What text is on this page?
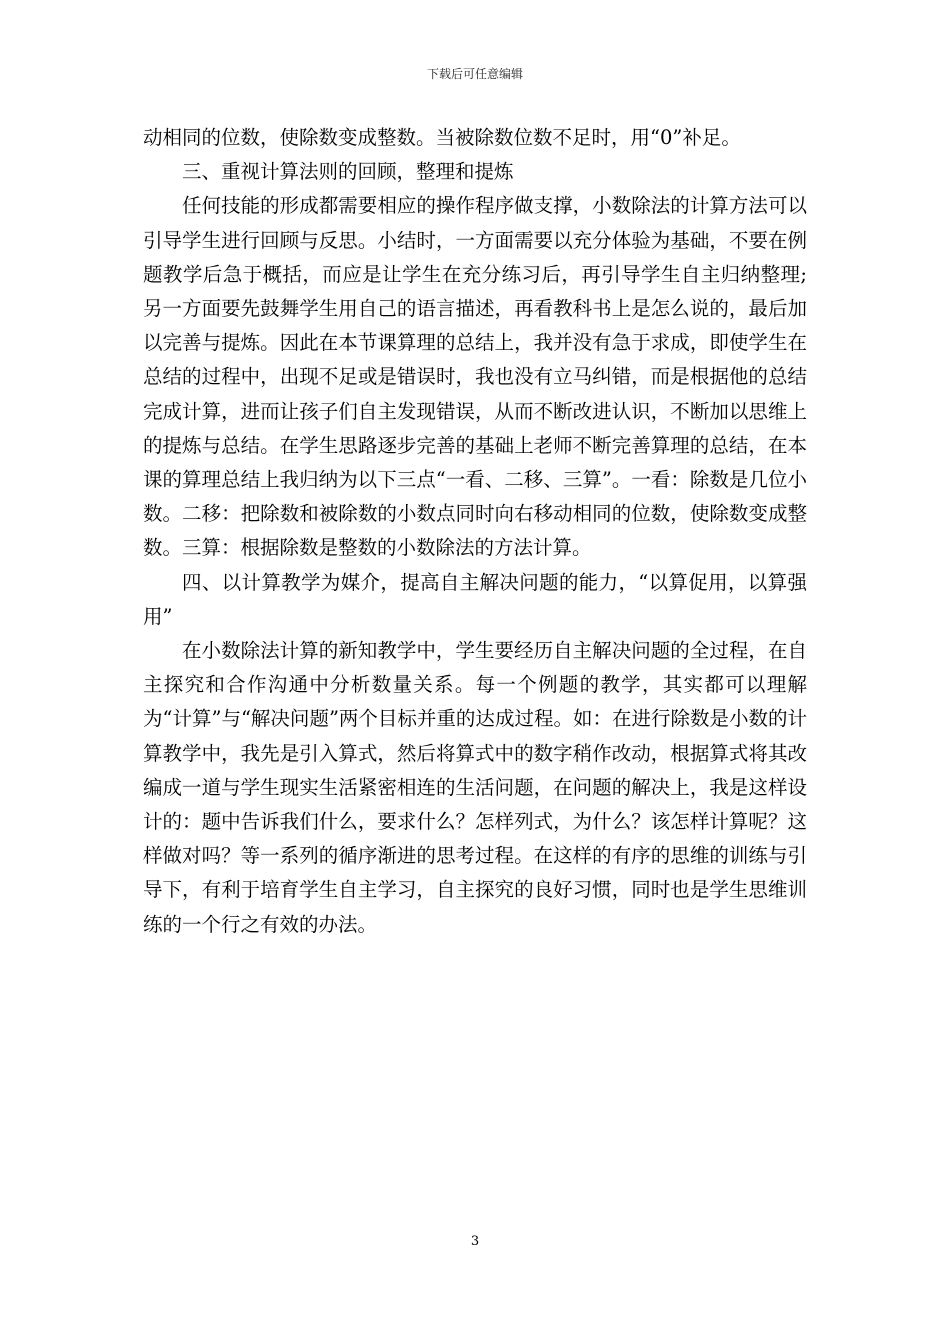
下载后可任意编辑

动相同的位数，使除数变成整数。当被除数位数不足时，用“0”补足。

三、重视计算法则的回顾，整理和提炼

任何技能的形成都需要相应的操作程序做支撑，小数除法的计算方法可以引导学生进行回顾与反思。小结时，一方面需要以充分体验为基础，不要在例题教学后急于概括，而应是让学生在充分练习后，再引导学生自主归纳整理;另一方面要先鼓舞学生用自己的语言描述，再看教科书上是怎么说的，最后加以完善与提炼。因此在本节课算理的总结上，我并没有急于求成，即使学生在总结的过程中，出现不足或是错误时，我也没有立马纠错，而是根据他的总结完成计算，进而让孩子们自主发现错误，从而不断改进认识，不断加以思维上的提炼与总结。在学生思路逐步完善的基础上老师不断完善算理的总结，在本课的算理总结上我归纳为以下三点“一看、二移、三算”。一看：除数是几位小数。二移：把除数和被除数的小数点同时向右移动相同的位数，使除数变成整数。三算：根据除数是整数的小数除法的方法计算。

四、以计算教学为媒介，提高自主解决问题的能力，“以算促用，以算强用”

在小数除法计算的新知教学中，学生要经历自主解决问题的全过程，在自主探究和合作沟通中分析数量关系。每一个例题的教学，其实都可以理解为“计算”与“解决问题”两个目标并重的达成过程。如：在进行除数是小数的计算教学中，我先是引入算式，然后将算式中的数字稍作改动，根据算式将其改编成一道与学生现实生活紧密相连的生活问题，在问题的解决上，我是这样设计的：题中告诉我们什么，要求什么？怎样列式，为什么？该怎样计算呢？这样做对吗？等一系列的循序渐进的思考过程。在这样的有序的思维的训练与引导下，有利于培育学生自主学习，自主探究的良好习惯，同时也是学生思维训练的一个行之有效的办法。

3
